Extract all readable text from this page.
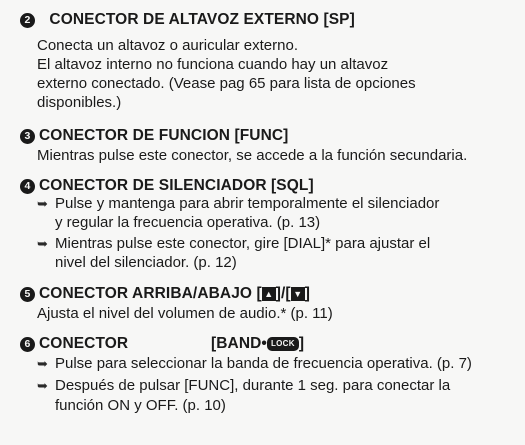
2 CONECTOR DE ALTAVOZ EXTERNO [SP]
Conecta un altavoz o auricular externo.
El altavoz interno no funciona cuando hay un altavoz
externo conectado. (Vease pag 65 para lista de opciones
disponibles.)
3 CONECTOR DE FUNCION [FUNC]
Mientras pulse este conector, se accede a la función secundaria.
4 CONECTOR DE SILENCIADOR [SQL]
➥ Pulse y mantenga para abrir temporalmente el silenciador
y regular la frecuencia operativa. (p. 13)
➥ Mientras pulse este conector, gire [DIAL]* para ajustar el
nivel del silenciador. (p. 12)
5 CONECTOR ARRIBA/ABAJO [ ▲ ]/[ ▼ ]
Ajusta el nivel del volumen de audio.* (p. 11)
6 CONECTOR	[BAND• LOCK ]
➥ Pulse para seleccionar la banda de frecuencia operativa. (p. 7)
➥ Después de pulsar [FUNC], durante 1 seg. para conectar la
función ON y OFF. (p. 10)
